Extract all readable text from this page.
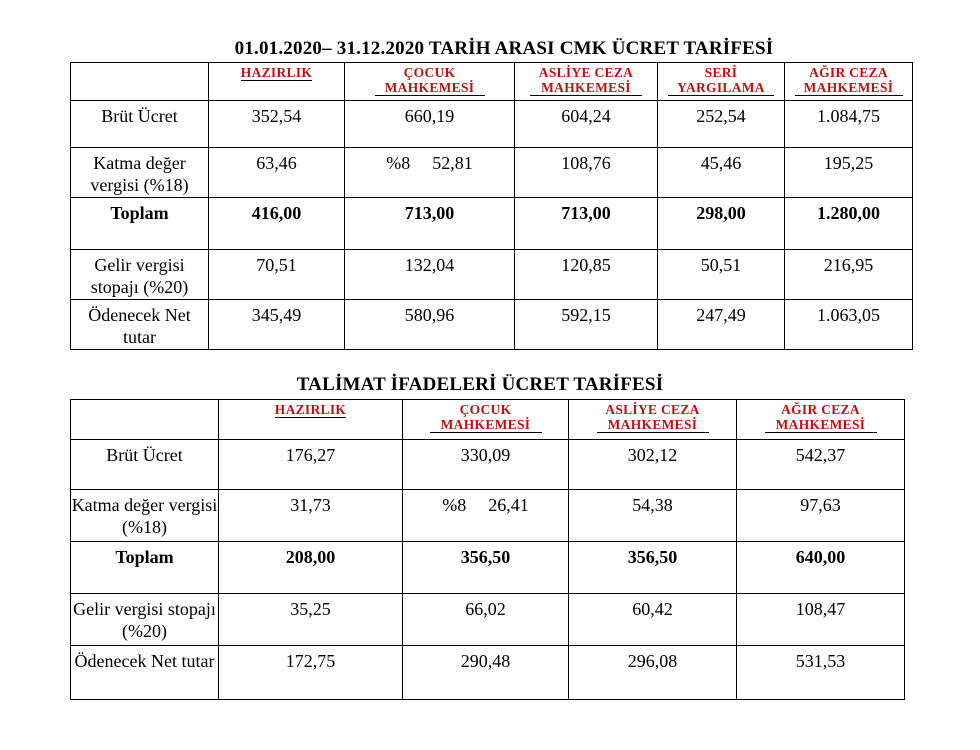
01.01.2020– 31.12.2020 TARİH ARASI CMK ÜCRET TARİFESİ
	HAZIRLIK	ÇOCUK MAHKEMESİ	ASLİYE CEZA MAHKEMESİ	SERİ YARGILAMA	AĞIR CEZA MAHKEMESİ
Brüt Ücret	352,54	660,19	604,24	252,54	1.084,75
Katma değer vergisi (%18)	63,46	%8 52,81	108,76	45,46	195,25
Toplam	416,00	713,00	713,00	298,00	1.280,00
Gelir vergisi stopajı (%20)	70,51	132,04	120,85	50,51	216,95
Ödenecek Net tutar	345,49	580,96	592,15	247,49	1.063,05
TALİMAT İFADELERİ ÜCRET TARİFESİ
	HAZIRLIK	ÇOCUK MAHKEMESİ	ASLİYE CEZA MAHKEMESİ	AĞIR CEZA MAHKEMESİ
Brüt Ücret	176,27	330,09	302,12	542,37
Katma değer vergisi (%18)	31,73	%8 26,41	54,38	97,63
Toplam	208,00	356,50	356,50	640,00
Gelir vergisi stopajı (%20)	35,25	66,02	60,42	108,47
Ödenecek Net tutar	172,75	290,48	296,08	531,53
